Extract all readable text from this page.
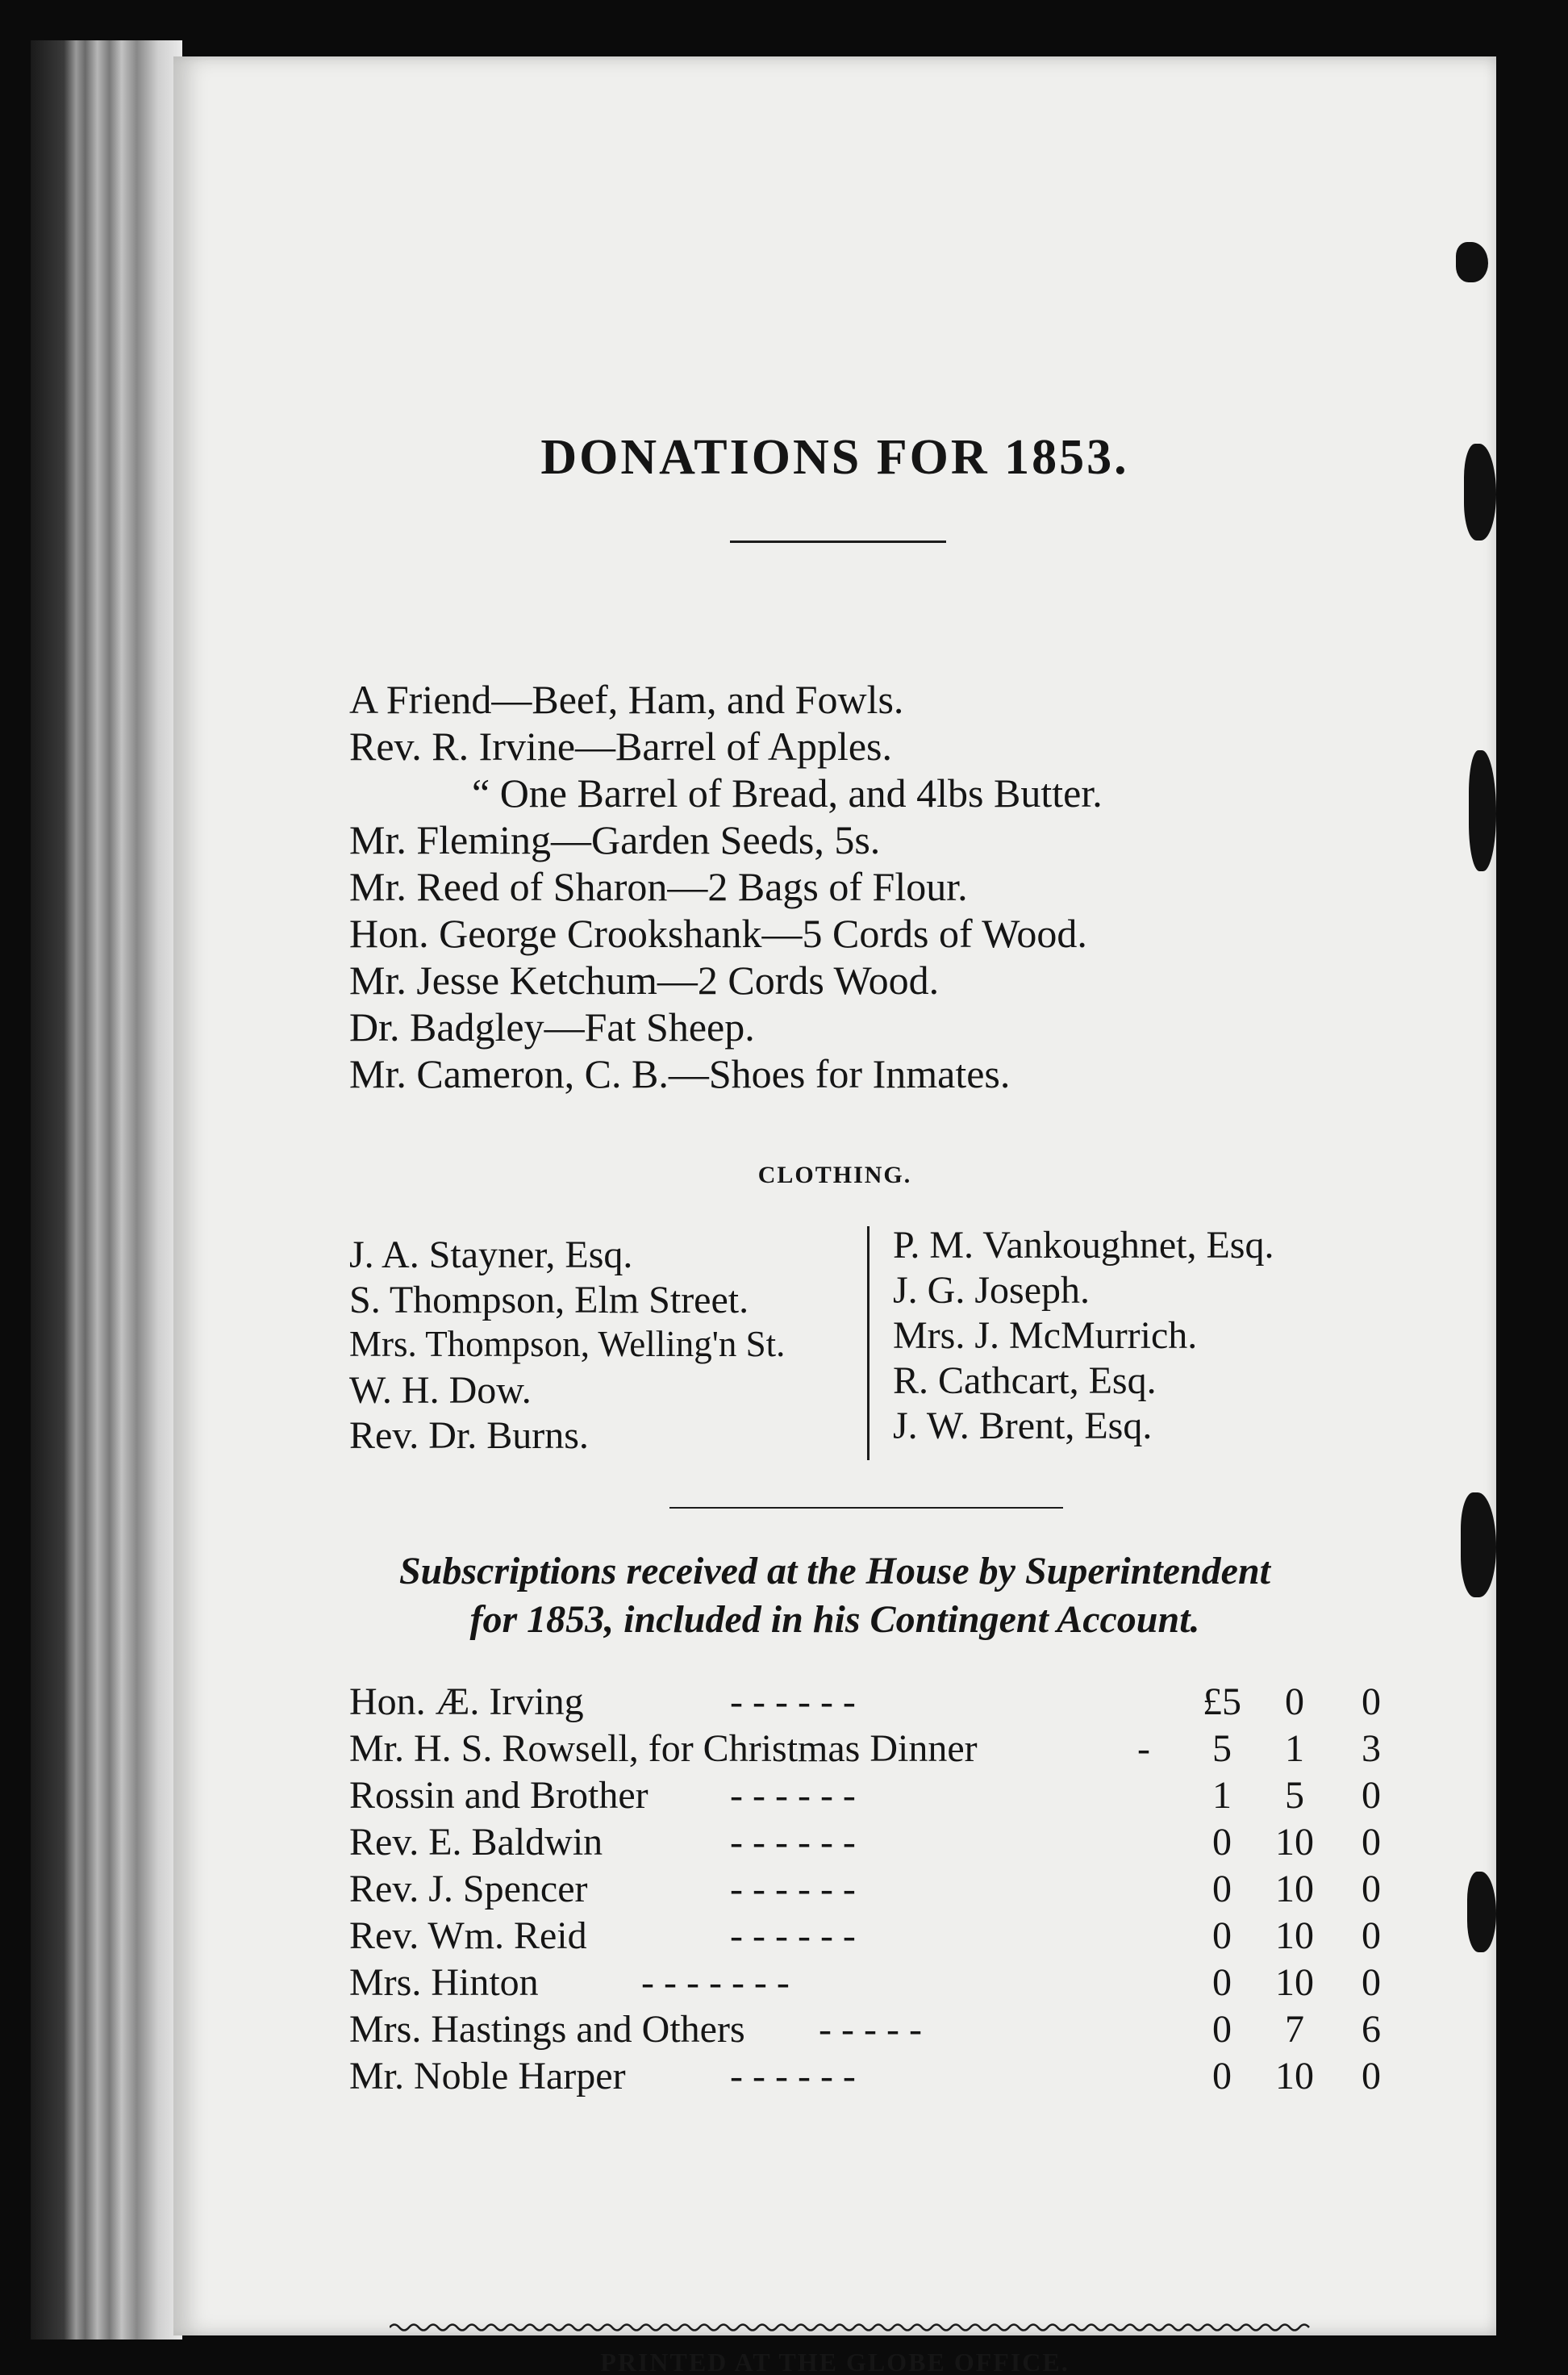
DONATIONS FOR 1853.
A Friend—Beef, Ham, and Fowls.
Rev. R. Irvine—Barrel of Apples.
“ One Barrel of Bread, and 4lbs Butter.
Mr. Fleming—Garden Seeds, 5s.
Mr. Reed of Sharon—2 Bags of Flour.
Hon. George Crookshank—5 Cords of Wood.
Mr. Jesse Ketchum—2 Cords Wood.
Dr. Badgley—Fat Sheep.
Mr. Cameron, C. B.—Shoes for Inmates.
CLOTHING.
J. A. Stayner, Esq.
S. Thompson, Elm Street.
Mrs. Thompson, Welling'n St.
W. H. Dow.
Rev. Dr. Burns.
P. M. Vankoughnet, Esq.
J. G. Joseph.
Mrs. J. McMurrich.
R. Cathcart, Esq.
J. W. Brent, Esq.
Subscriptions received at the House by Superintendent
for 1853, included in his Contingent Account.
Hon. Æ. Irving	- - - - - -	£5	0	0
Mr. H. S. Rowsell, for Christmas Dinner	-	5	1	3
Rossin and Brother - - - - - -	1	5	0
Rev. E. Baldwin	- - - - - -	0	10	0
Rev. J. Spencer	- - - - - -	0	10	0
Rev. Wm. Reid	- - - - - -	0	10	0
Mrs. Hinton	- - - - - - -	0	10	0
Mrs. Hastings and Others - - - - -	0	7	6
Mr. Noble Harper	- - - - - -	0	10	0
PRINTED AT THE GLOBE OFFICE.
